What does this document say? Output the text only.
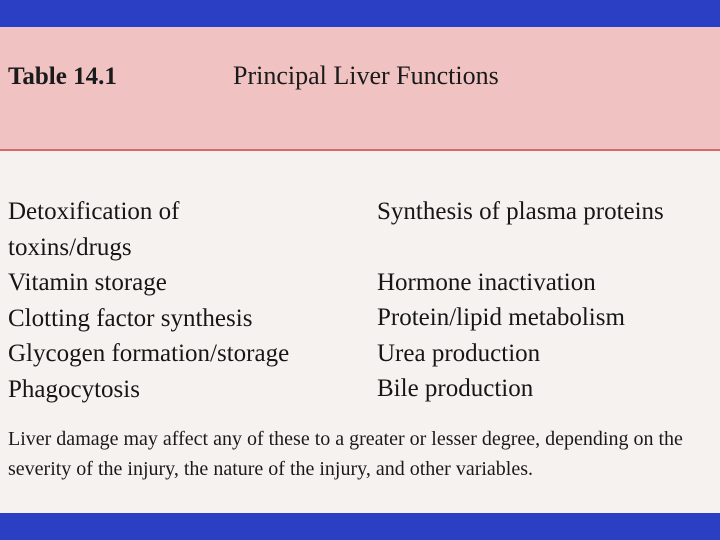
Table 14.1	Principal Liver Functions
Detoxification of
toxins/drugs
Vitamin storage
Clotting factor synthesis
Glycogen formation/storage
Phagocytosis
Synthesis of plasma proteins
Hormone inactivation
Protein/lipid metabolism
Urea production
Bile production
Liver damage may affect any of these to a greater or lesser degree, depending on the severity of the injury, the nature of the injury, and other variables.
